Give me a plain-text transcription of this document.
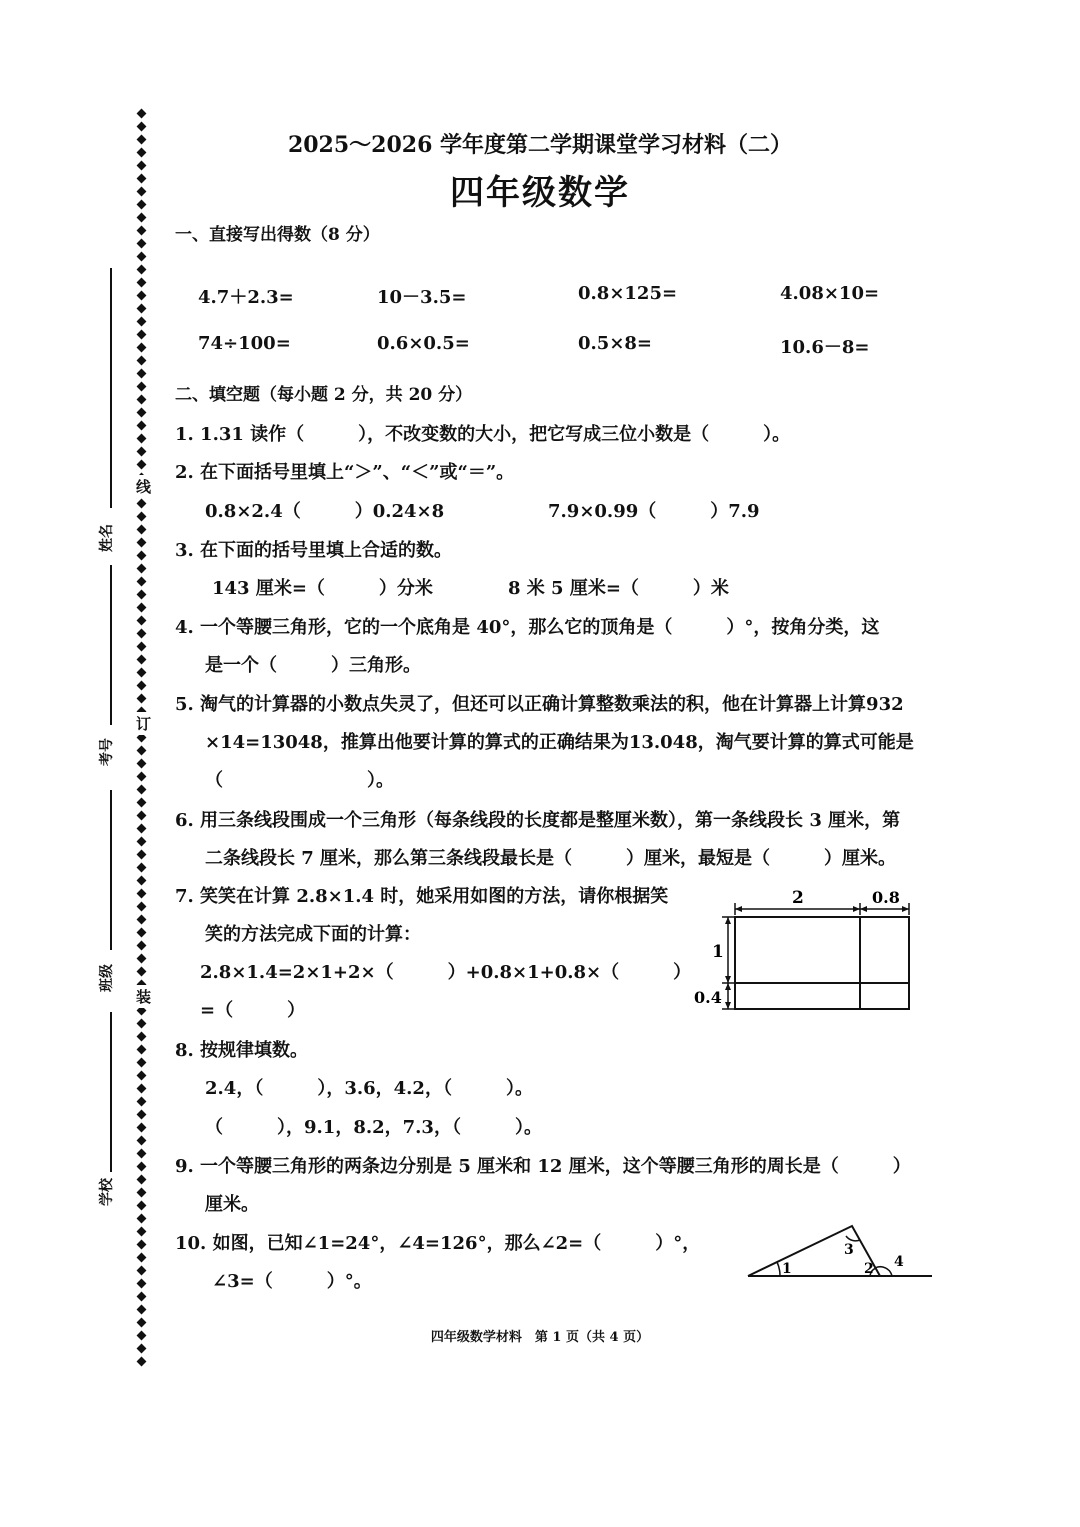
线
订
装
姓名
考号
班级
学校
2025～2026 学年度第二学期课堂学习材料（二）
四年级数学
一、直接写出得数（8 分）
4.7＋2.3=	10－3.5=	0.8×125=	4.08×10=
74÷100=	0.6×0.5=	0.5×8=	10.6－8=
二、填空题（每小题 2 分，共 20 分）
1. 1.31 读作（　　　），不改变数的大小，把它写成三位小数是（　　　）。
2. 在下面括号里填上“＞”、“＜”或“＝”。
0.8×2.4（　　　）0.24×8	7.9×0.99（　　　）7.9
3. 在下面的括号里填上合适的数。
143 厘米=（　　　）分米	8 米 5 厘米=（　　　）米
4. 一个等腰三角形，它的一个底角是 40°，那么它的顶角是（　　　）°，按角分类，这
是一个（　　　）三角形。
5. 淘气的计算器的小数点失灵了，但还可以正确计算整数乘法的积，他在计算器上计算932
×14=13048，推算出他要计算的算式的正确结果为13.048，淘气要计算的算式可能是
（　　　　　　　　）。
6. 用三条线段围成一个三角形（每条线段的长度都是整厘米数），第一条线段长 3 厘米，第
二条线段长 7 厘米，那么第三条线段最长是（　　　）厘米，最短是（　　　）厘米。
7. 笑笑在计算 2.8×1.4 时，她采用如图的方法，请你根据笑
笑的方法完成下面的计算：
2.8×1.4=2×1+2×（　　　）+0.8×1+0.8×（　　　）
=（　　　）
8. 按规律填数。
2.4，（　　　），3.6，4.2，（　　　）。
（　　　），9.1，8.2，7.3，（　　　）。
9. 一个等腰三角形的两条边分别是 5 厘米和 12 厘米，这个等腰三角形的周长是（　　　）
厘米。
10. 如图，已知∠1=24°，∠4=126°，那么∠2=（　　　）°，
∠3=（　　　）°。
2	0.8
1
0.4
1	2
3
4
四年级数学材料　第 1 页（共 4 页）
